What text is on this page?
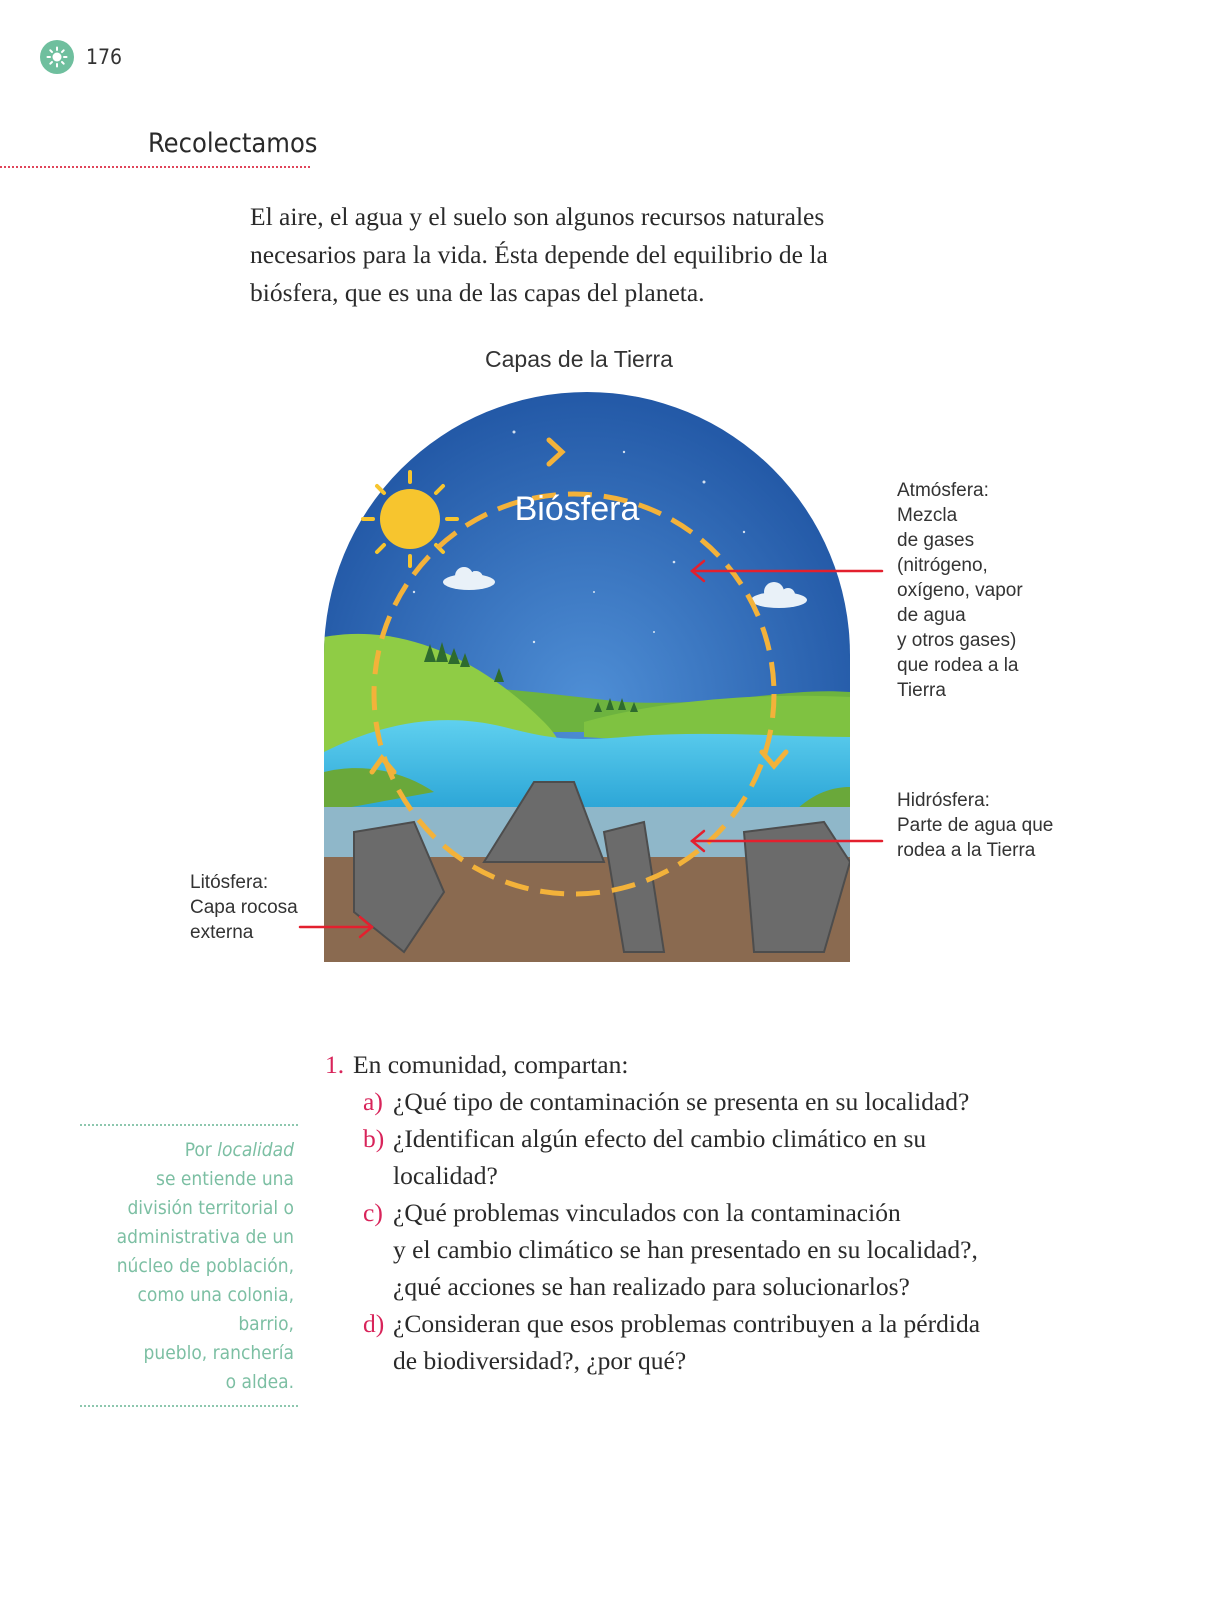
176
Recolectamos
El aire, el agua y el suelo son algunos recursos naturales
necesarios para la vida. Ésta depende del equilibrio de la
biósfera, que es una de las capas del planeta.
Capas de la Tierra
Biósfera	Atmósfera:
Mezcla
de gases
(nitrógeno,
oxígeno, vapor
de agua
y otros gases)
que rodea a la
Tierra
Hidrósfera:
Parte de agua que
rodea a la Tierra
Litósfera:
Capa rocosa
externa
1. En comunidad, compartan:
a) ¿Qué tipo de contaminación se presenta en su localidad?
b) ¿Identifican algún efecto del cambio climático en su
localidad?
c) ¿Qué problemas vinculados con la contaminación
y el cambio climático se han presentado en su localidad?,
¿qué acciones se han realizado para solucionarlos?
d) ¿Consideran que esos problemas contribuyen a la pérdida
de biodiversidad?, ¿por qué?
Por localidad
se entiende una
división territorial o
administrativa de un
núcleo de población,
como una colonia, barrio,
pueblo, ranchería
o aldea.
